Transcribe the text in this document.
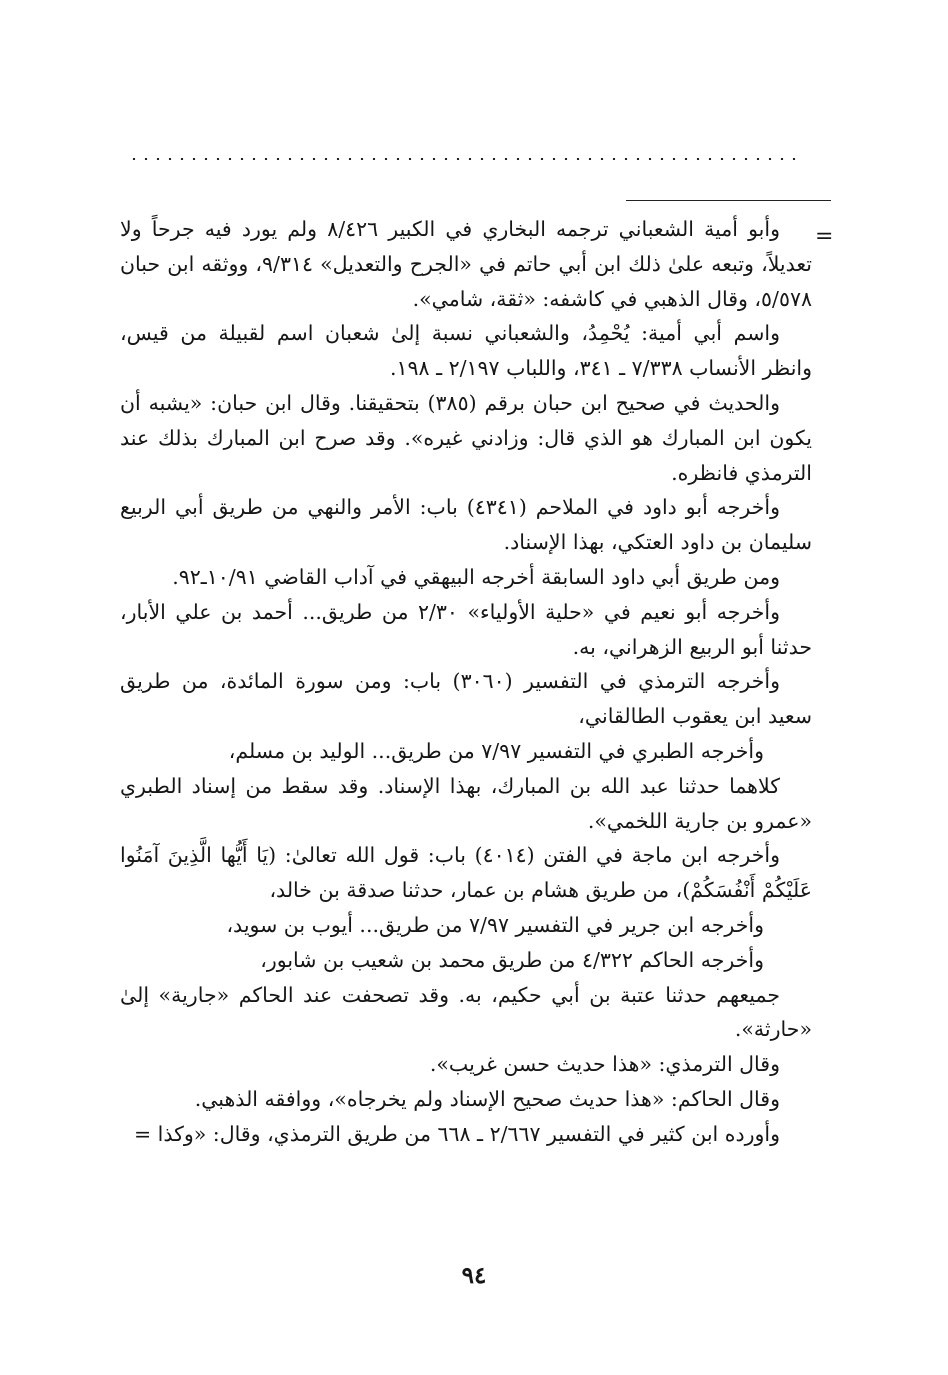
=

وأبو أمية الشعباني ترجمه البخاري في الكبير ٨/٤٢٦ ولم يورد فيه جرحاً ولا تعديلاً، وتبعه علىٰ ذلك ابن أبي حاتم في «الجرح والتعديل» ٩/٣١٤، ووثقه ابن حبان ٥/٥٧٨، وقال الذهبي في كاشفه: «ثقة، شامي».

واسم أبي أمية: يُحْمِدُ، والشعباني نسبة إلىٰ شعبان اسم لقبيلة من قيس، وانظر الأنساب ٧/٣٣٨ ـ ٣٤١، واللباب ٢/١٩٧ ـ ١٩٨.

والحديث في صحيح ابن حبان برقم (٣٨٥) بتحقيقنا. وقال ابن حبان: «يشبه أن يكون ابن المبارك هو الذي قال: وزادني غيره». وقد صرح ابن المبارك بذلك عند الترمذي فانظره.

وأخرجه أبو داود في الملاحم (٤٣٤١) باب: الأمر والنهي من طريق أبي الربيع سليمان بن داود العتكي، بهذا الإسناد.

ومن طريق أبي داود السابقة أخرجه البيهقي في آداب القاضي ١٠/٩١ـ٩٢.

وأخرجه أبو نعيم في «حلية الأولياء» ٢/٣٠ من طريق... أحمد بن علي الأبار، حدثنا أبو الربيع الزهراني، به.

وأخرجه الترمذي في التفسير (٣٠٦٠) باب: ومن سورة المائدة، من طريق سعيد ابن يعقوب الطالقاني،

وأخرجه الطبري في التفسير ٧/٩٧ من طريق... الوليد بن مسلم،

كلاهما حدثنا عبد الله بن المبارك، بهذا الإسناد. وقد سقط من إسناد الطبري «عمرو بن جارية اللخمي».

وأخرجه ابن ماجة في الفتن (٤٠١٤) باب: قول الله تعالىٰ: (يَا أَيُّها الَّذِينَ آمَنُوا عَلَيْكُمْ أَنْفُسَكُمْ)، من طريق هشام بن عمار، حدثنا صدقة بن خالد،

وأخرجه ابن جرير في التفسير ٧/٩٧ من طريق... أيوب بن سويد،

وأخرجه الحاكم ٤/٣٢٢ من طريق محمد بن شعيب بن شابور،

جميعهم حدثنا عتبة بن أبي حكيم، به. وقد تصحفت عند الحاكم «جارية» إلىٰ «حارثة».

وقال الترمذي: «هذا حديث حسن غريب».

وقال الحاكم: «هذا حديث صحيح الإسناد ولم يخرجاه»، ووافقه الذهبي.

وأورده ابن كثير في التفسير ٢/٦٦٧ ـ ٦٦٨ من طريق الترمذي، وقال: «وكذا =

٩٤
